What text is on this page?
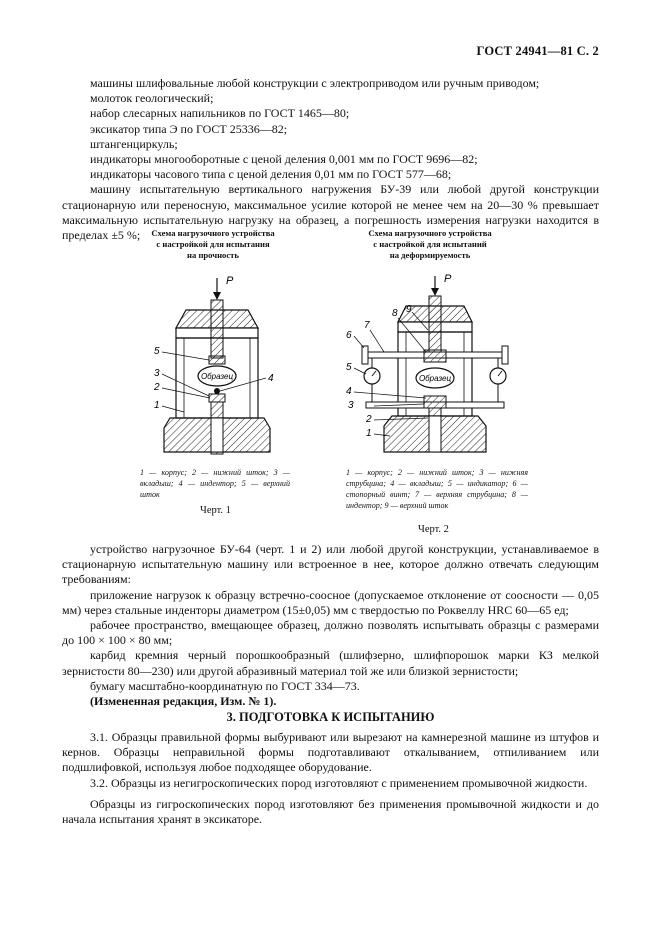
ГОСТ 24941—81 С. 2

машины шлифовальные любой конструкции с электроприводом или ручным приводом;

молоток геологический;

набор слесарных напильников по ГОСТ 1465—80;

эксикатор типа Э по ГОСТ 25336—82;

штангенциркуль;

индикаторы многооборотные с ценой деления 0,001 мм по ГОСТ 9696—82;

индикаторы часового типа с ценой деления 0,01 мм по ГОСТ 577—68;

машину испытательную вертикального нагружения БУ-39 или любой другой конструкции стационарную или переносную, максимальное усилие которой не менее чем на 20—30 % превышает максимальную испытательную нагрузку на образец, а погрешность измерения нагрузки находится в пределах ±5 %;	Схема нагрузочного устройства
с настройкой для испытания
на прочность
Р
Образец
1
2
3	4
5
1 — корпус; 2 — нижний шток; 3 — вкладыш; 4 — индентор; 5 — верхний шток
Черт. 1
Схема нагрузочного устройства
с настройкой для испытаний
на деформируемость
Р
Образец
1
2
3
4
5
6
7
8 9
1 — корпус; 2 — нижний шток; 3 — нижняя струбцина; 4 — вкладыш; 5 — индикатор; 6 — стопорный винт; 7 — верхняя струбцина; 8 — индентор; 9 — верхний шток
Черт. 2

устройство нагрузочное БУ-64 (черт. 1 и 2) или любой другой конструкции, устанавливаемое в стационарную испытательную машину или встроенное в нее, которое должно отвечать следующим требованиям:

приложение нагрузок к образцу встречно-соосное (допускаемое отклонение от соосности — 0,05 мм) через стальные инденторы диаметром (15±0,05) мм с твердостью по Роквеллу HRC 60—65 ед;

рабочее пространство, вмещающее образец, должно позволять испытывать образцы с размерами до 100 × 100 × 80 мм;

карбид кремния черный порошкообразный (шлифзерно, шлифпорошок марки КЗ мелкой зернистости 80—230) или другой абразивный материал той же или близкой зернистости;

бумагу масштабно-координатную по ГОСТ 334—73.

(Измененная редакция, Изм. № 1).

3. ПОДГОТОВКА К ИСПЫТАНИЮ

3.1. Образцы правильной формы выбуривают или вырезают на камнерезной машине из штуфов и кернов. Образцы неправильной формы подготавливают откалыванием, отпиливанием или подшлифовкой, используя любое подходящее оборудование.

3.2. Образцы из негигроскопических пород изготовляют с применением промывочной жидкости.

Образцы из гигроскопических пород изготовляют без применения промывочной жидкости и до начала испытания хранят в эксикаторе.
